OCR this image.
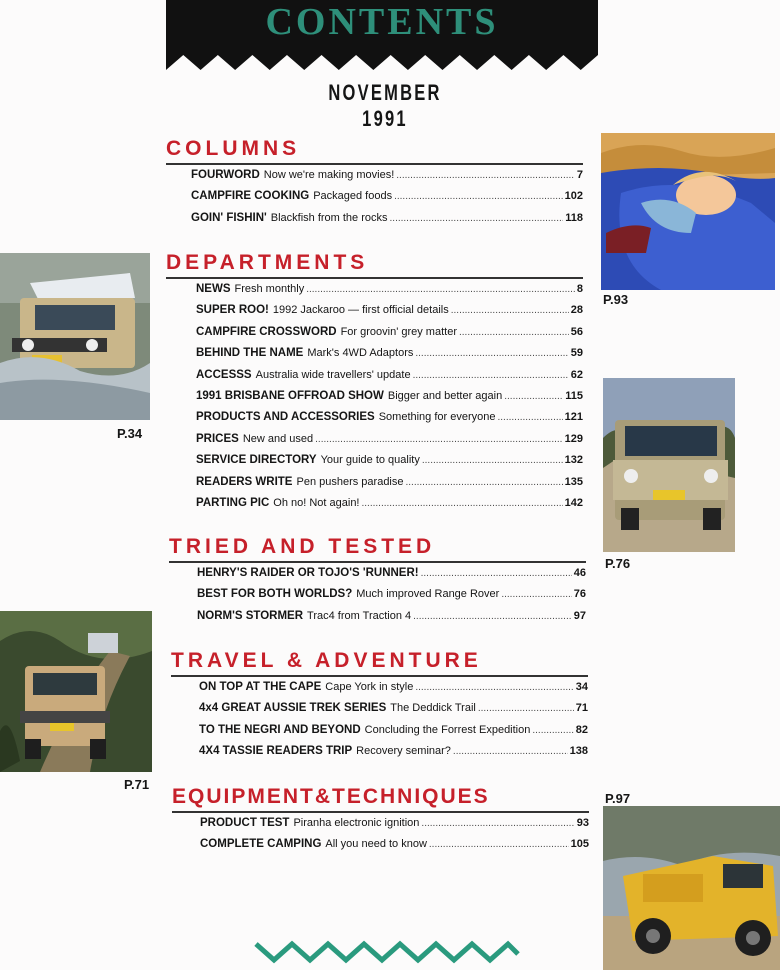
CONTENTS
NOVEMBER 1991
COLUMNS
FOURWORD Now we're making movies! .....	7
CAMPFIRE COOKING Packaged foods .....	102
GOIN' FISHIN' Blackfish from the rocks .....	118
DEPARTMENTS
NEWS Fresh monthly .....	8
SUPER ROO! 1992 Jackaroo — first official details .....	28
CAMPFIRE CROSSWORD For groovin' grey matter .....	56
BEHIND THE NAME Mark's 4WD Adaptors .....	59
ACCESSS Australia wide travellers' update .....	62
1991 BRISBANE OFFROAD SHOW Bigger and better again .....	115
PRODUCTS AND ACCESSORIES Something for everyone .....	121
PRICES New and used .....	129
SERVICE DIRECTORY Your guide to quality .....	132
READERS WRITE Pen pushers paradise .....	135
PARTING PIC Oh no! Not again! .....	142
TRIED AND TESTED
HENRY'S RAIDER OR TOJO'S 'RUNNER! .....	46
BEST FOR BOTH WORLDS? Much improved Range Rover .....	76
NORM'S STORMER Trac4 from Traction 4 .....	97
TRAVEL & ADVENTURE
ON TOP AT THE CAPE Cape York in style .....	34
4x4 GREAT AUSSIE TREK SERIES The Deddick Trail .....	71
TO THE NEGRI AND BEYOND Concluding the Forrest Expedition .....	82
4X4 TASSIE READERS TRIP Recovery seminar? .....	138
EQUIPMENT&TECHNIQUES
PRODUCT TEST Piranha electronic ignition .....	93
COMPLETE CAMPING All you need to know .....	105
P.93
P.34
P.76
P.71
P.97
